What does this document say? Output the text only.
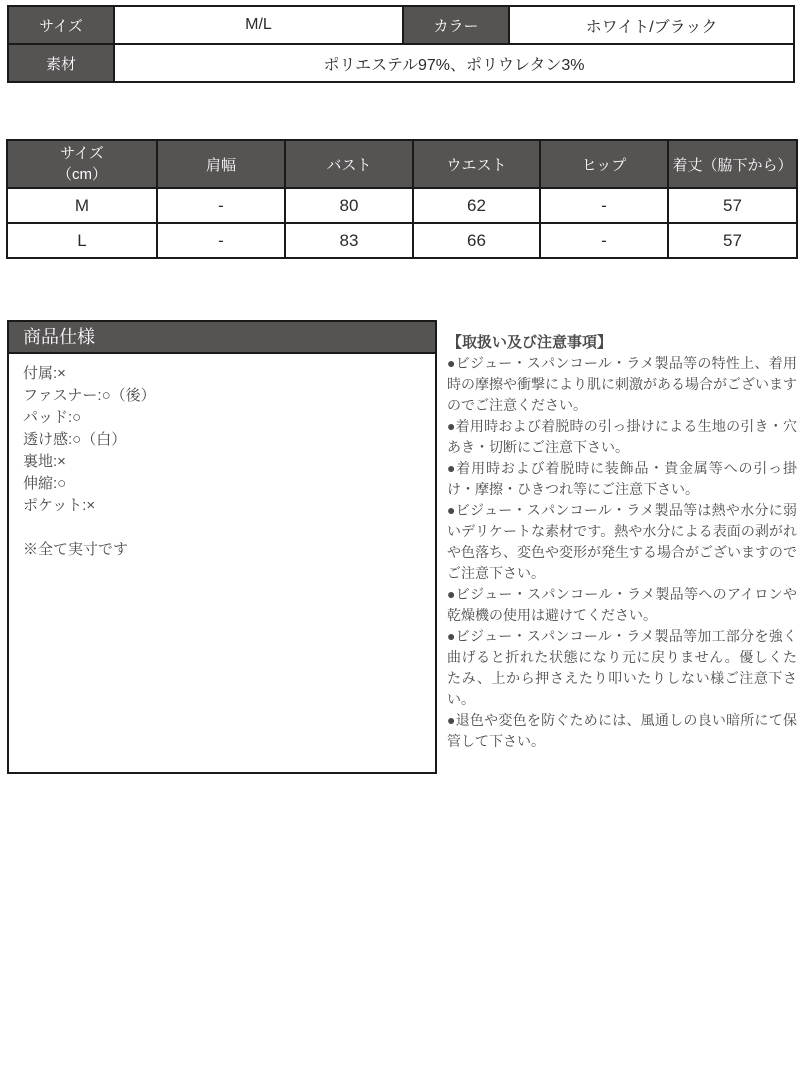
サイズ	M/L	カラー	ホワイト/ブラック
素材	ポリエステル97%、ポリウレタン3%		
サイズ
（cm）	肩幅	バスト	ウエスト	ヒップ	着丈（脇下から）
M	-	80	62	-	57
L	-	83	66	-	57
商品仕様
付属:×
ファスナー:○（後）
パッド:○
透け感:○（白）
裏地:×
伸縮:○
ポケット:×
※全て実寸です

【取扱い及び注意事項】

●ビジュー・スパンコール・ラメ製品等の特性上、着用時の摩擦や衝撃により肌に刺激がある場合がございますのでご注意ください。

●着用時および着脱時の引っ掛けによる生地の引き・穴あき・切断にご注意下さい。

●着用時および着脱時に装飾品・貴金属等への引っ掛け・摩擦・ひきつれ等にご注意下さい。

●ビジュー・スパンコール・ラメ製品等は熱や水分に弱いデリケートな素材です。熱や水分による表面の剥がれや色落ち、変色や変形が発生する場合がございますのでご注意下さい。

●ビジュー・スパンコール・ラメ製品等へのアイロンや乾燥機の使用は避けてください。

●ビジュー・スパンコール・ラメ製品等加工部分を強く曲げると折れた状態になり元に戻りません。優しくたたみ、上から押さえたり叩いたりしない様ご注意下さい。

●退色や変色を防ぐためには、風通しの良い暗所にて保管して下さい。
